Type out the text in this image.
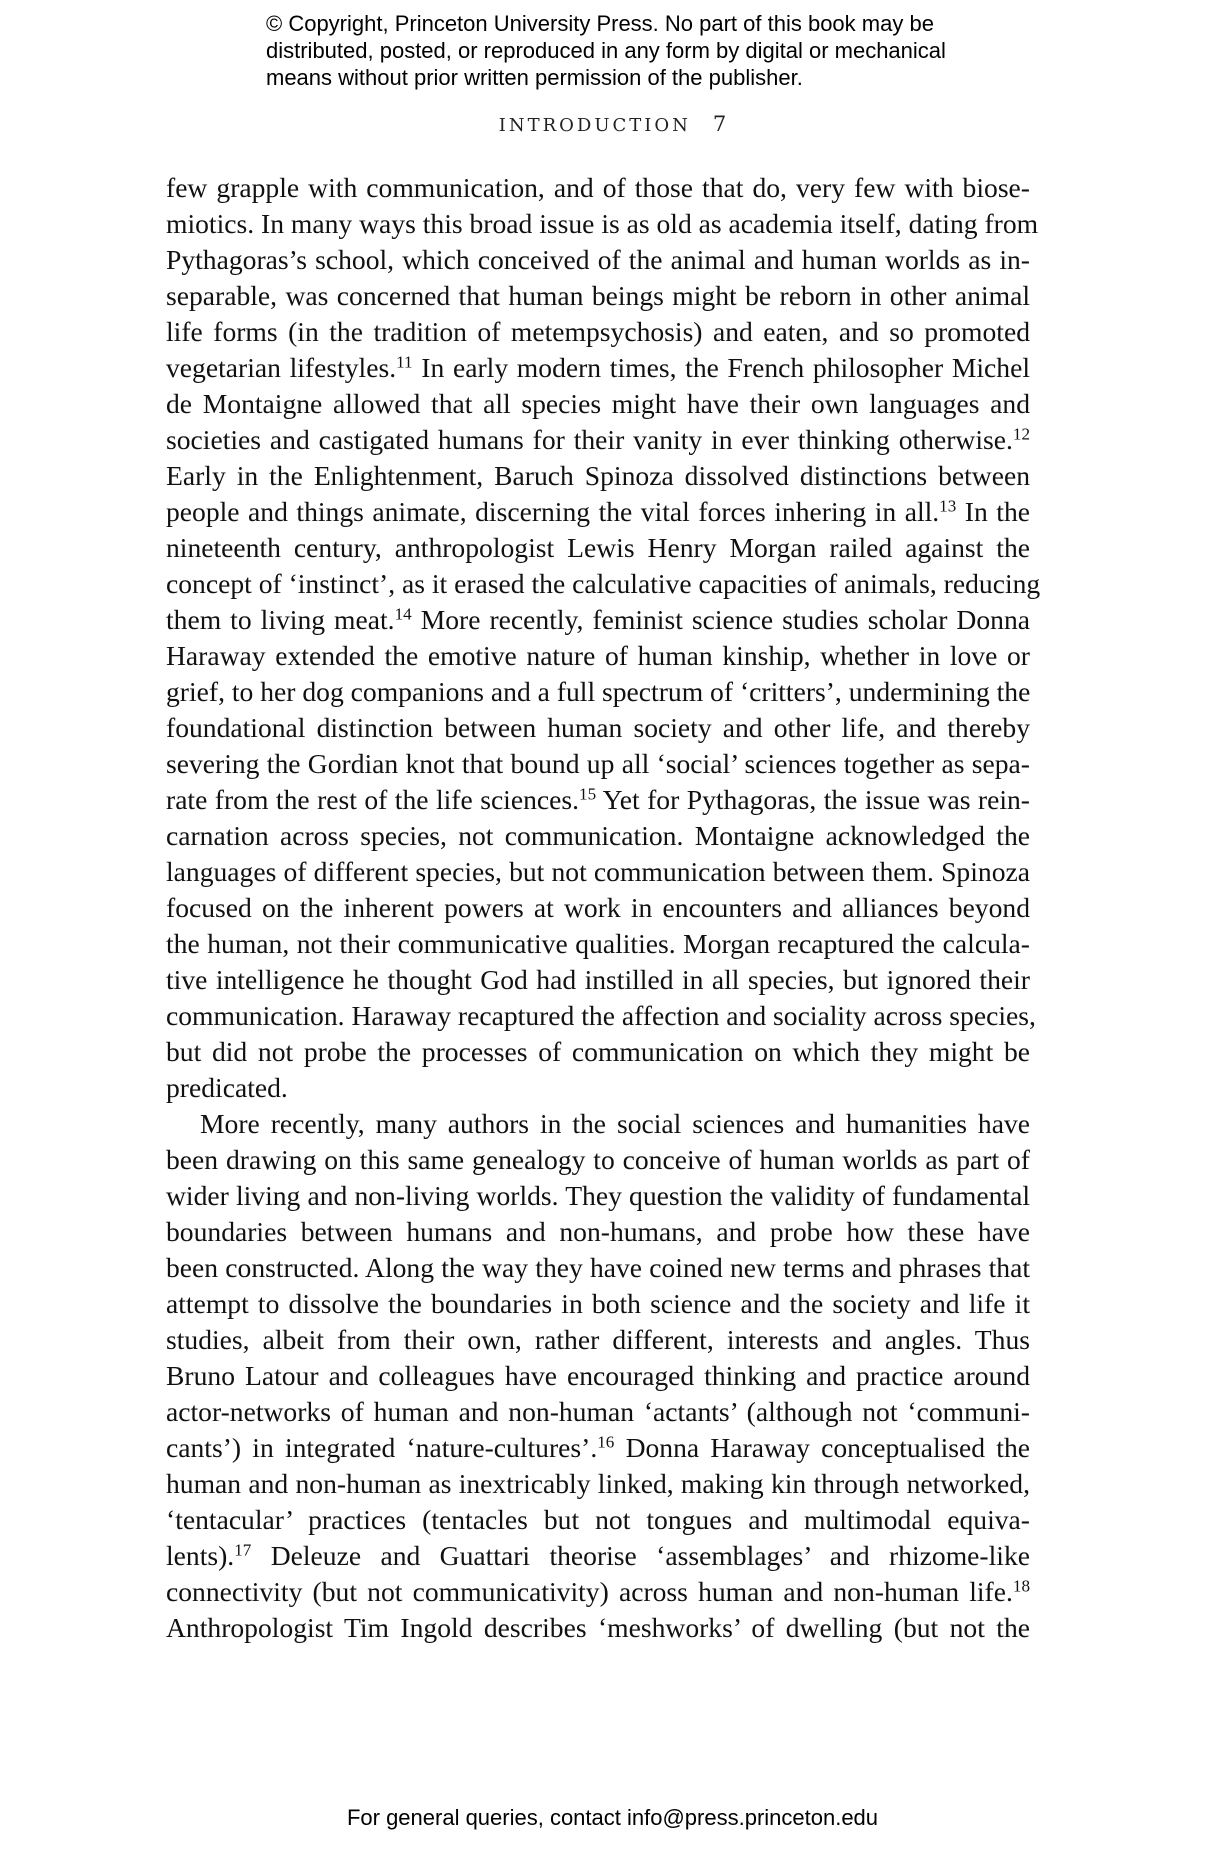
© Copyright, Princeton University Press. No part of this book may be
distributed, posted, or reproduced in any form by digital or mechanical
means without prior written permission of the publisher.
INTRODUCTION 7
few grapple with communication, and of those that do, very few with biose-
miotics. In many ways this broad issue is as old as academia itself, dating from
Pythagoras’s school, which conceived of the animal and human worlds as in-
separable, was concerned that human beings might be reborn in other animal
life forms (in the tradition of metempsychosis) and eaten, and so promoted
vegetarian lifestyles.$^{11}$ In early modern times, the French philosopher Michel
de Montaigne allowed that all species might have their own languages and
societies and castigated humans for their vanity in ever thinking otherwise.$^{12}$
Early in the Enlightenment, Baruch Spinoza dissolved distinctions between
people and things animate, discerning the vital forces inhering in all.$^{13}$ In the
nineteenth century, anthropologist Lewis Henry Morgan railed against the
concept of ‘instinct’, as it erased the calculative capacities of animals, reducing
them to living meat.$^{14}$ More recently, feminist science studies scholar Donna
Haraway extended the emotive nature of human kinship, whether in love or
grief, to her dog companions and a full spectrum of ‘critters’, undermining the
foundational distinction between human society and other life, and thereby
severing the Gordian knot that bound up all ‘social’ sciences together as sepa-
rate from the rest of the life sciences.$^{15}$ Yet for Pythagoras, the issue was rein-
carnation across species, not communication. Montaigne acknowledged the
languages of different species, but not communication between them. Spinoza
focused on the inherent powers at work in encounters and alliances beyond
the human, not their communicative qualities. Morgan recaptured the calcula-
tive intelligence he thought God had instilled in all species, but ignored their
communication. Haraway recaptured the affection and sociality across species,
but did not probe the processes of communication on which they might be
predicated.
More recently, many authors in the social sciences and humanities have
been drawing on this same genealogy to conceive of human worlds as part of
wider living and non-living worlds. They question the validity of fundamental
boundaries between humans and non-humans, and probe how these have
been constructed. Along the way they have coined new terms and phrases that
attempt to dissolve the boundaries in both science and the society and life it
studies, albeit from their own, rather different, interests and angles. Thus
Bruno Latour and colleagues have encouraged thinking and practice around
actor-networks of human and non-human ‘actants’ (although not ‘communi-
cants’) in integrated ‘nature-cultures’.$^{16}$ Donna Haraway conceptualised the
human and non-human as inextricably linked, making kin through networked,
‘tentacular’ practices (tentacles but not tongues and multimodal equiva-
lents).$^{17}$ Deleuze and Guattari theorise ‘assemblages’ and rhizome-like
connectivity (but not communicativity) across human and non-human life.$^{18}$
Anthropologist Tim Ingold describes ‘meshworks’ of dwelling (but not the
For general queries, contact info@press.princeton.edu
